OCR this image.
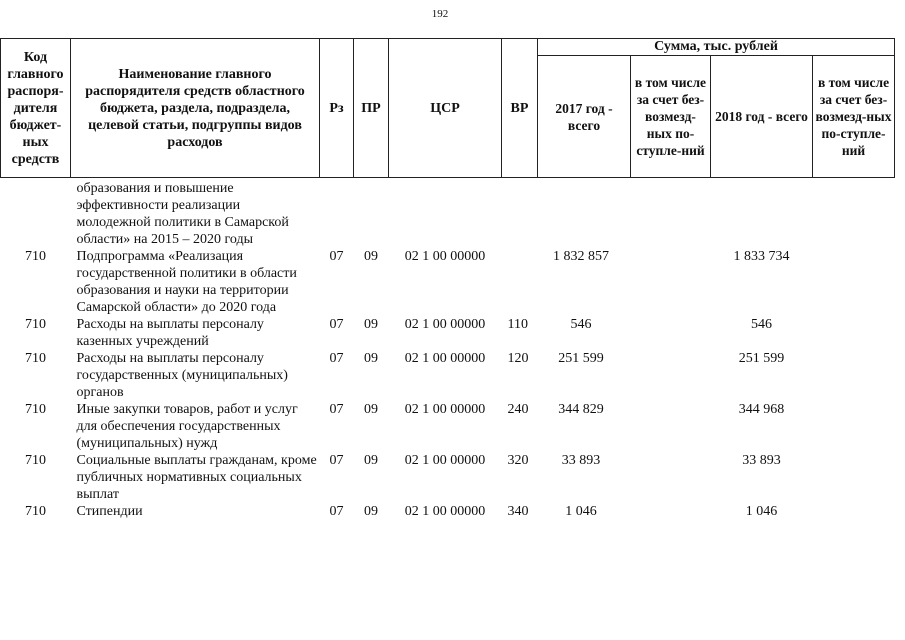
192
Код главного распоря-дителя бюджет-ных средств	Наименование главного распорядителя средств областного бюджета, раздела, подраздела, целевой статьи, подгруппы видов расходов	Рз	ПР	ЦСР	ВР	Сумма, тыс. рублей			
						2017 год - всего	в том числе за счет без-возмезд-ных по-ступле-ний	2018 год - всего	в том числе за счет без-возмезд-ных по-ступле-ний
	образования и повышение эффективности реализации молодежной политики в Самарской области» на 2015 – 2020 годы								
710	Подпрограмма «Реализация государственной политики в области образования и науки на территории Самарской области» до 2020 года	07	09	02 1 00 00000		1 832 857		1 833 734	
710	Расходы на выплаты персоналу казенных учреждений	07	09	02 1 00 00000	110	546		546	
710	Расходы на выплаты персоналу государственных (муниципальных) органов	07	09	02 1 00 00000	120	251 599		251 599	
710	Иные закупки товаров, работ и услуг для обеспечения государственных (муниципальных) нужд	07	09	02 1 00 00000	240	344 829		344 968	
710	Социальные выплаты гражданам, кроме публичных нормативных социальных выплат	07	09	02 1 00 00000	320	33 893		33 893	
710	Стипендии	07	09	02 1 00 00000	340	1 046		1 046	
